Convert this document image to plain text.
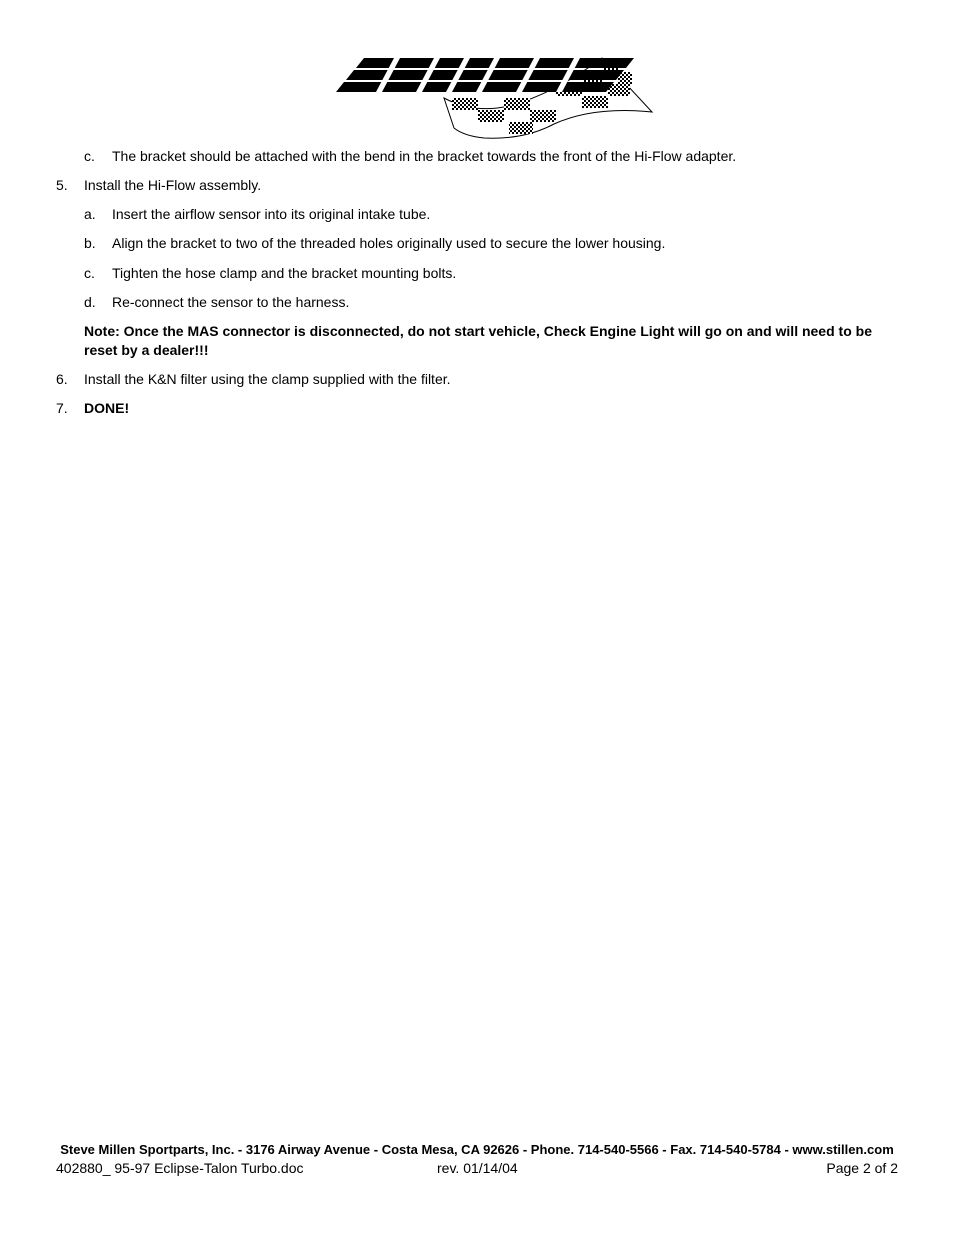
c. The bracket should be attached with the bend in the bracket towards the front of the Hi-Flow adapter.
5. Install the Hi-Flow assembly.
a. Insert the airflow sensor into its original intake tube.
b. Align the bracket to two of the threaded holes originally used to secure the lower housing.
c. Tighten the hose clamp and the bracket mounting bolts.
d. Re-connect the sensor to the harness.
Note: Once the MAS connector is disconnected, do not start vehicle, Check Engine Light will go on and will need to be reset by a dealer!!!
6. Install the K&N filter using the clamp supplied with the filter.
7. DONE!
Steve Millen Sportparts, Inc. - 3176 Airway Avenue - Costa Mesa, CA 92626 - Phone. 714-540-5566 - Fax. 714-540-5784 - www.stillen.com
402880_ 95-97 Eclipse-Talon Turbo.doc	rev. 01/14/04	Page 2 of 2
